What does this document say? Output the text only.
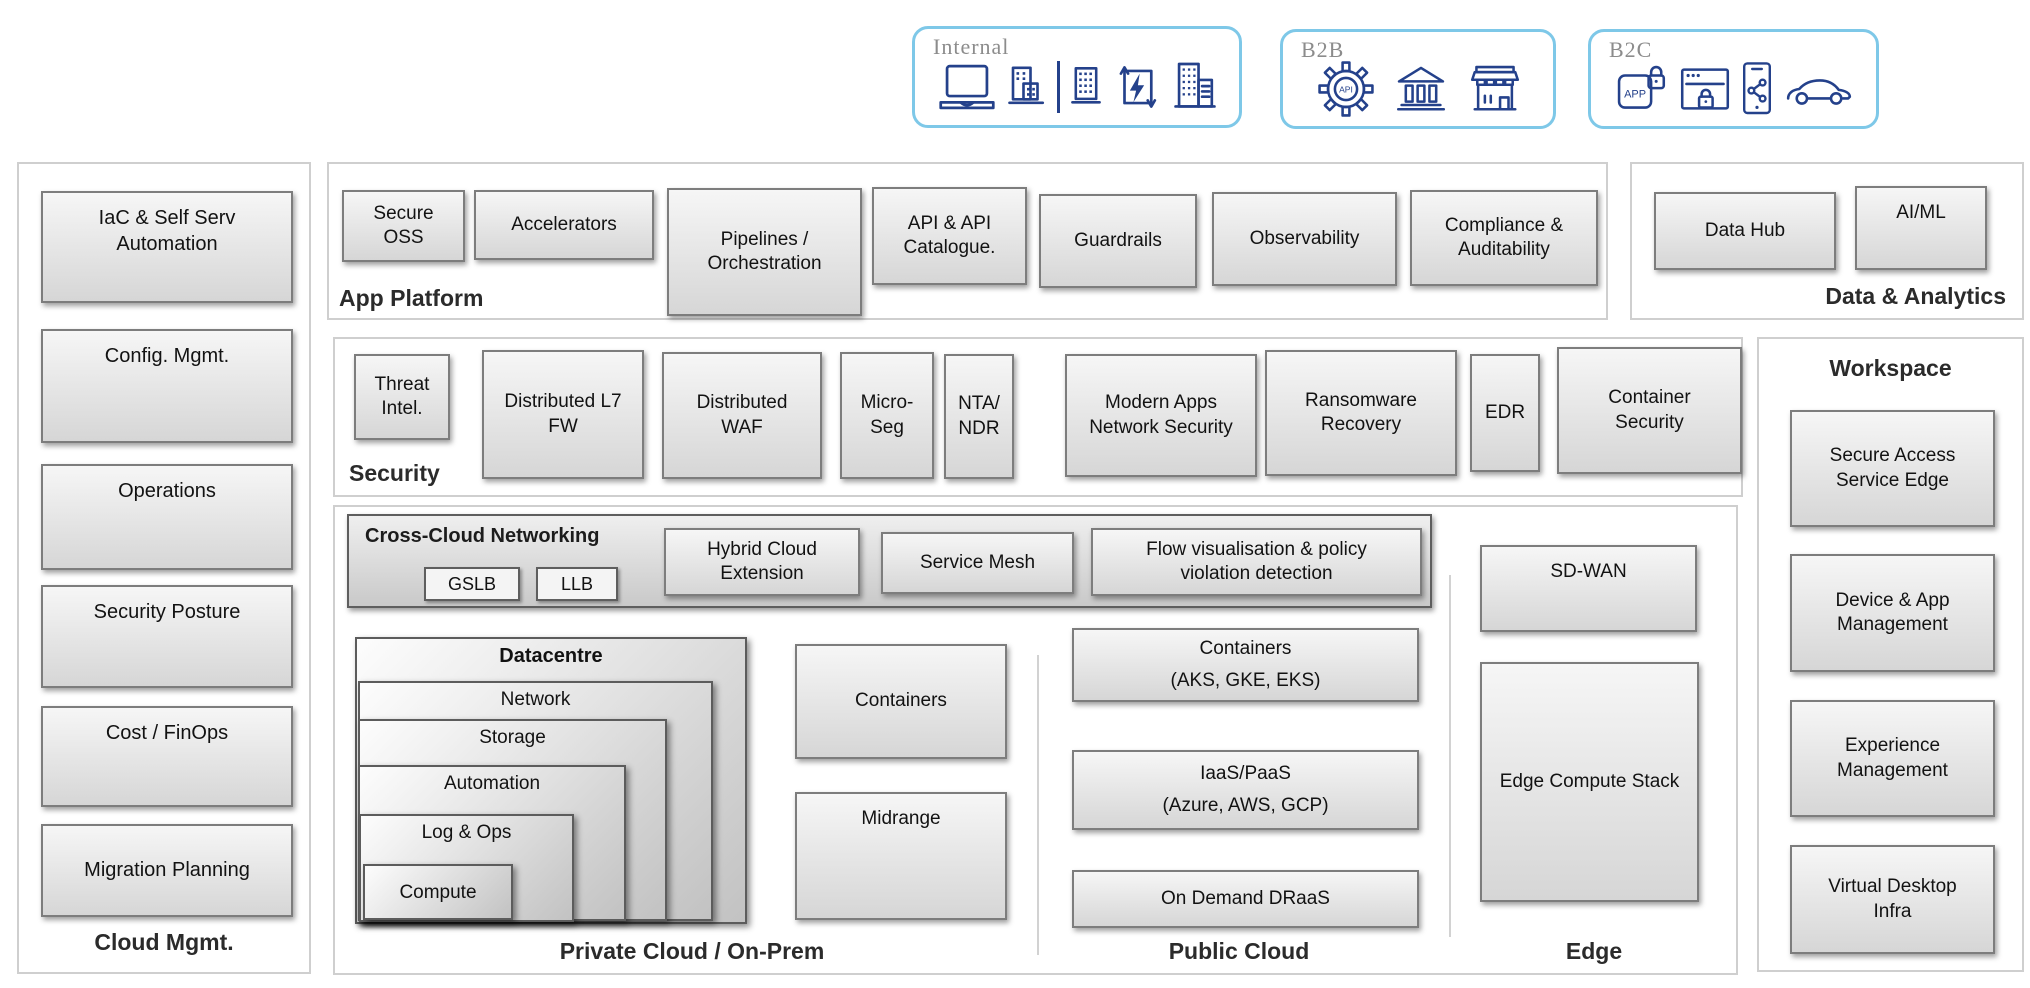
Internal	B2B
API
B2C
APP
IaC & Self Serv Automation
Config. Mgmt.
Operations
Security Posture
Cost / FinOps
Migration Planning
Cloud Mgmt.
Secure OSS
Accelerators
Pipelines / Orchestration
API & API Catalogue.	Guardrails	Observability
Compliance & Auditability
App Platform
Data Hub
AI/ML
Data & Analytics
Threat Intel.	Distributed L7 FW
Distributed WAF
Micro-Seg
NTA/NDR
Modern Apps Network Security
Ransomware Recovery
EDR
Container Security
Security
Cross-Cloud Networking
GSLB	LLB
Hybrid Cloud Extension
Service Mesh
Flow visualisation & policy violation detection
Datacentre
Network
Storage
Automation
Log & Ops
Compute
Containers
Midrange
Containers
(AKS, GKE, EKS)
IaaS/PaaS
(Azure, AWS, GCP)
On Demand DRaaS
SD-WAN
Edge Compute Stack
Private Cloud / On-Prem	Public Cloud	Edge
Workspace
Secure Access Service Edge
Device & App Management
Experience Management
Virtual Desktop Infra
